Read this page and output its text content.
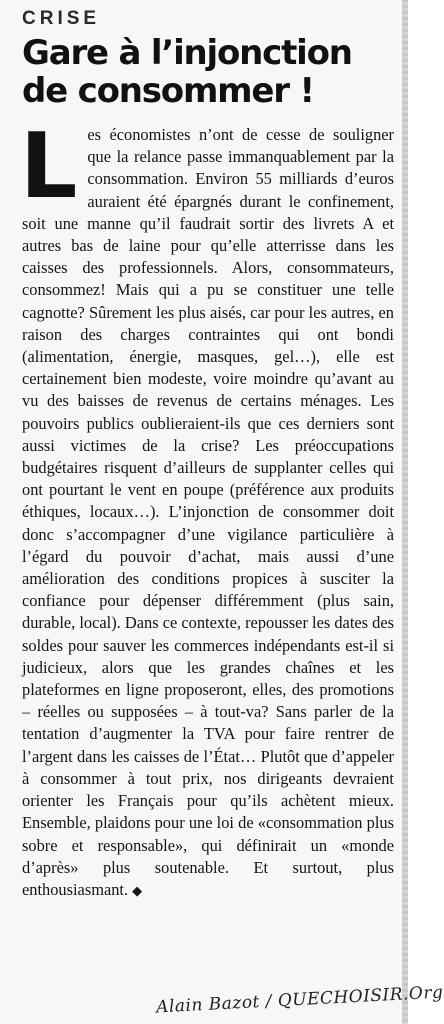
CRISE
Gare à l’injonction de consommer !
Les économistes n’ont de cesse de souligner que la relance passe immanquablement par la consommation. Environ 55 milliards d’euros auraient été épargnés durant le confinement, soit une manne qu’il faudrait sortir des livrets A et autres bas de laine pour qu’elle atterrisse dans les caisses des professionnels. Alors, consommateurs, consommez! Mais qui a pu se constituer une telle cagnotte? Sûrement les plus aisés, car pour les autres, en raison des charges contraintes qui ont bondi (alimentation, énergie, masques, gel…), elle est certainement bien modeste, voire moindre qu’avant au vu des baisses de revenus de certains ménages. Les pouvoirs publics oublieraient-ils que ces derniers sont aussi victimes de la crise? Les préoccupations budgétaires risquent d’ailleurs de supplanter celles qui ont pourtant le vent en poupe (préférence aux produits éthiques, locaux…). L’injonction de consommer doit donc s’accompagner d’une vigilance particulière à l’égard du pouvoir d’achat, mais aussi d’une amélioration des conditions propices à susciter la confiance pour dépenser différemment (plus sain, durable, local). Dans ce contexte, repousser les dates des soldes pour sauver les commerces indépendants est-il si judicieux, alors que les grandes chaînes et les plateformes en ligne proposeront, elles, des promotions – réelles ou supposées – à tout-va? Sans parler de la tentation d’augmenter la TVA pour faire rentrer de l’argent dans les caisses de l’État… Plutôt que d’appeler à consommer à tout prix, nos dirigeants devraient orienter les Français pour qu’ils achètent mieux. Ensemble, plaidons pour une loi de «consommation plus sobre et responsable», qui définirait un «monde d’après» plus soutenable. Et surtout, plus enthousiasmant. ◆
Alain Bazot / QUECHOISIR.Org
